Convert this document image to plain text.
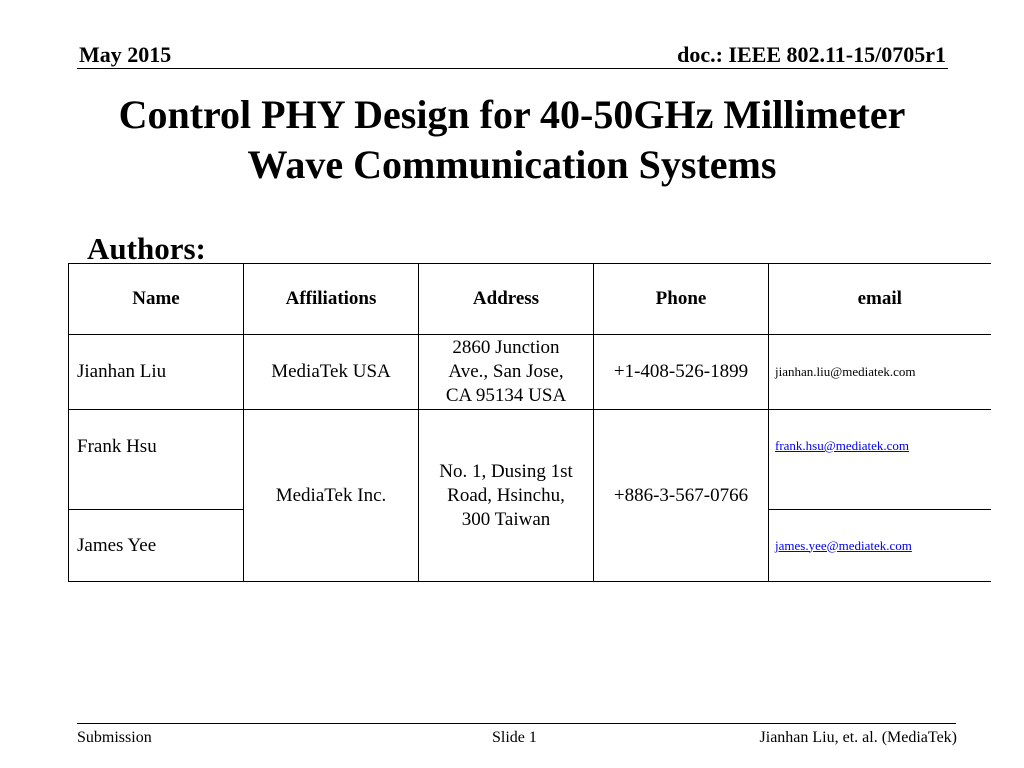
May 2015	doc.: IEEE 802.11-15/0705r1
Control PHY Design for 40-50GHz Millimeter
Wave Communication Systems
Authors:
Name	Affiliations	Address	Phone	email
Jianhan Liu	MediaTek USA	2860 Junction
Ave., San Jose,
CA 95134 USA	+1-408-526-1899	jianhan.liu@mediatek.com
Frank Hsu	MediaTek Inc.	No. 1, Dusing 1st
Road, Hsinchu,
300 Taiwan	+886-3-567-0766	frank.hsu@mediatek.com
James Yee				james.yee@mediatek.com
Submission	Slide 1	Jianhan Liu, et. al. (MediaTek)
